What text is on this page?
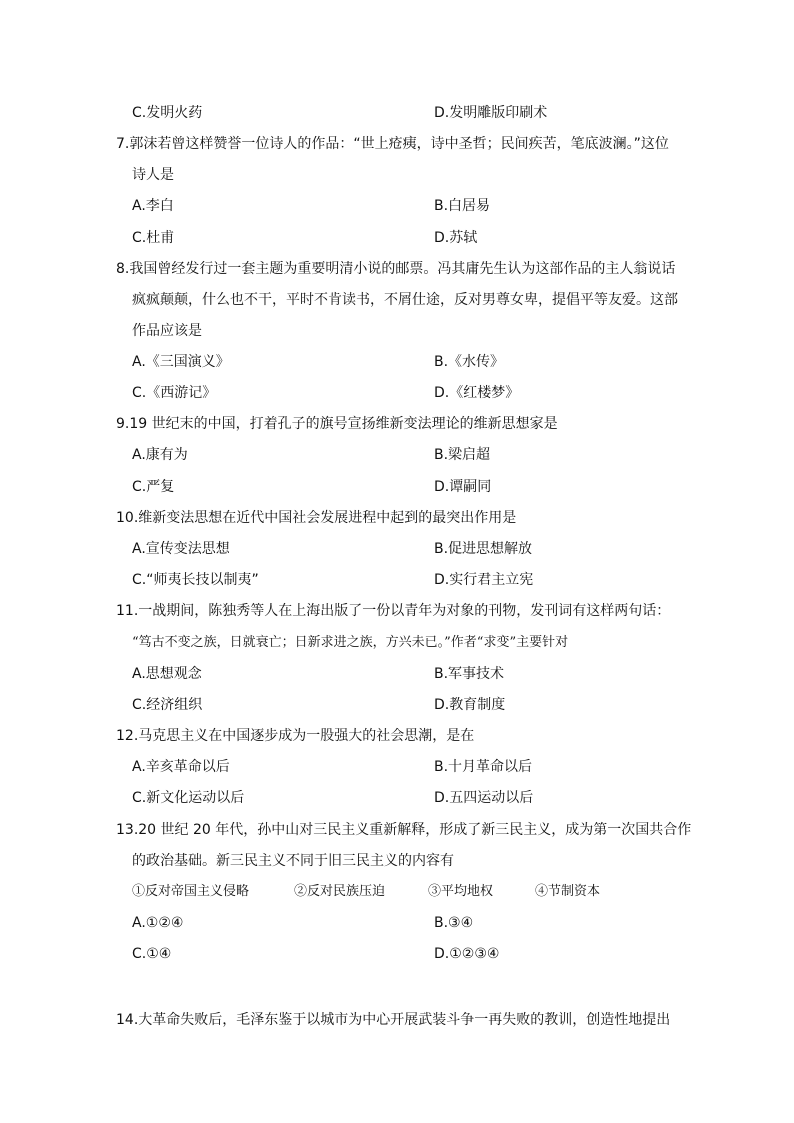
C.发明火药	D.发明雕版印刷术
7.郭沫若曾这样赞誉一位诗人的作品：“世上疮痍，诗中圣哲；民间疾苦，笔底波澜。”这位
诗人是
A.李白	B.白居易
C.杜甫	D.苏轼
8.我国曾经发行过一套主题为重要明清小说的邮票。冯其庸先生认为这部作品的主人翁说话
疯疯颠颠，什么也不干，平时不肯读书，不屑仕途，反对男尊女卑，提倡平等友爱。这部
作品应该是
A.《三国演义》	B.《水传》
C.《西游记》	D.《红楼梦》
9.19 世纪末的中国，打着孔子的旗号宣扬维新变法理论的维新思想家是
A.康有为	B.梁启超
C.严复	D.谭嗣同
10.维新变法思想在近代中国社会发展进程中起到的最突出作用是
A.宣传变法思想	B.促进思想解放
C.“师夷长技以制夷”	D.实行君主立宪
11.一战期间，陈独秀等人在上海出版了一份以青年为对象的刊物，发刊词有这样两句话：
“笃古不变之族，日就衰亡；日新求进之族，方兴未已。”作者“求变”主要针对
A.思想观念	B.军事技术
C.经济组织	D.教育制度
12.马克思主义在中国逐步成为一股强大的社会思潮，是在
A.辛亥革命以后	B.十月革命以后
C.新文化运动以后	D.五四运动以后
13.20 世纪 20 年代，孙中山对三民主义重新解释，形成了新三民主义，成为第一次国共合作
的政治基础。新三民主义不同于旧三民主义的内容有
①反对帝国主义侵略	②反对民族压迫	③平均地权	④节制资本
A.①②④	B.③④
C.①④	D.①②③④
14.大革命失败后，毛泽东鉴于以城市为中心开展武装斗争一再失败的教训，创造性地提出
